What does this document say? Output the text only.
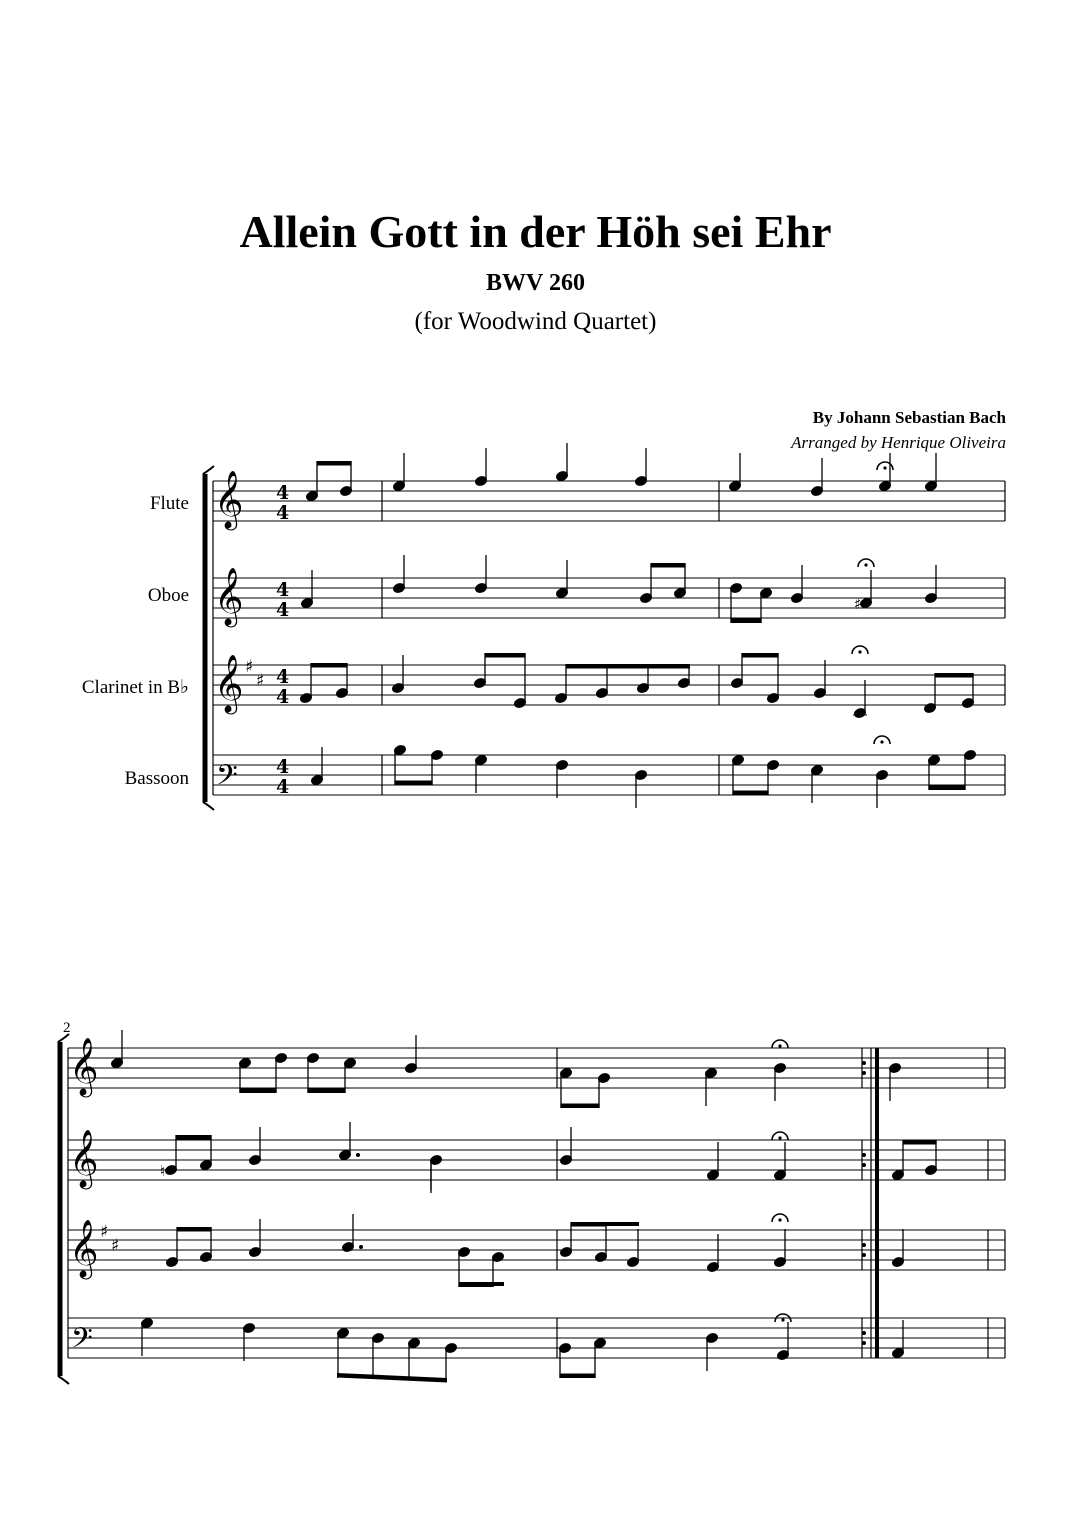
Allein Gott in der Höh sei Ehr
BWV 260
(for Woodwind Quartet)
By Johann Sebastian Bach
Arranged by Henrique Oliveira
Flute
Oboe
Clarinet in B♭
Bassoon
2
𝄞
𝄞
𝄞
𝄞
𝄞
𝄞
𝄢
𝄢
♯
♯
♯
♯
4
4
4
4
4
4
4
4
♯
♮
